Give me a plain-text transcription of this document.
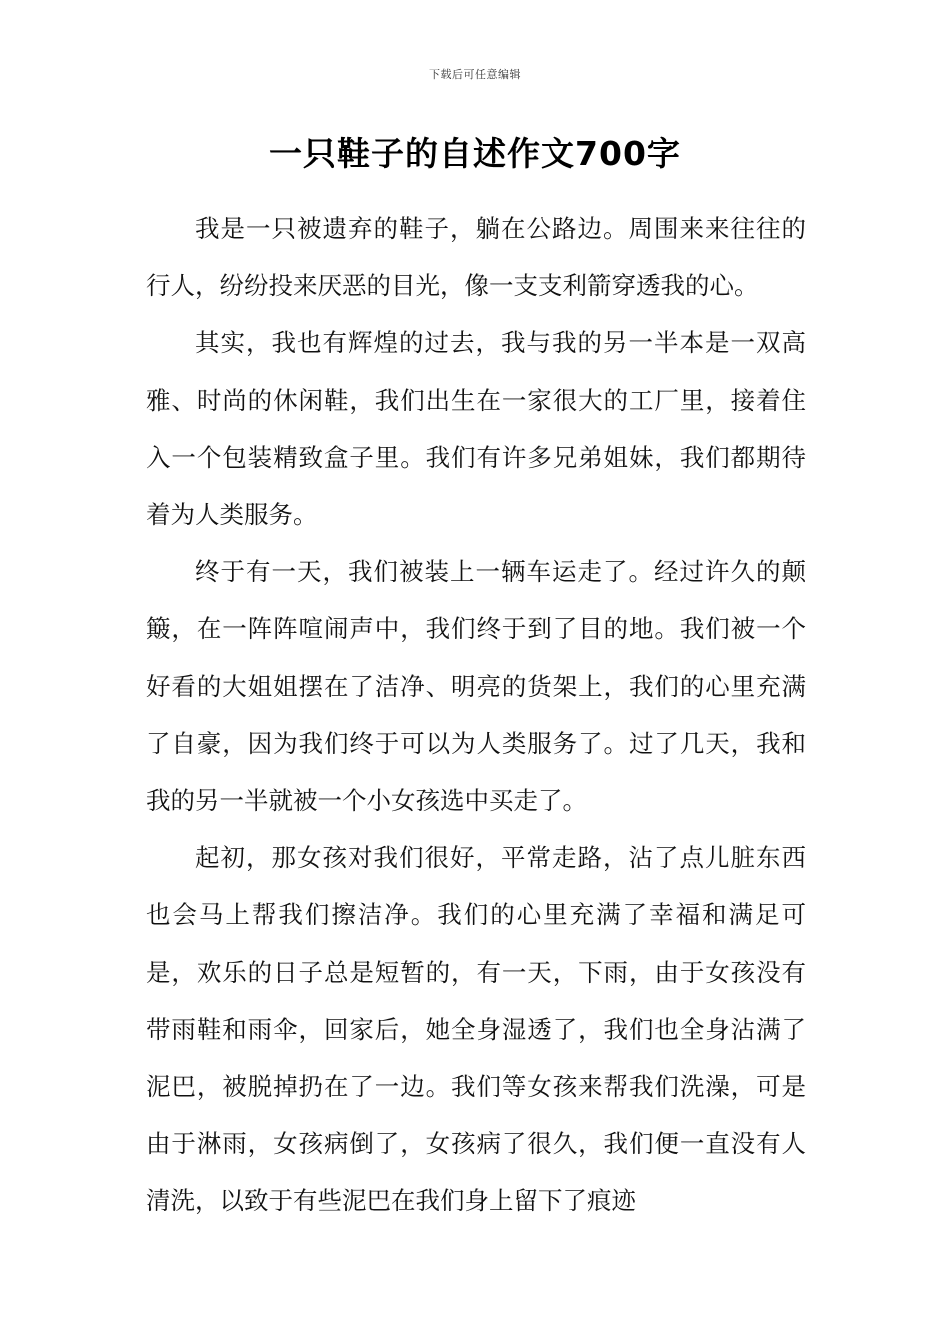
下载后可任意编辑
一只鞋子的自述作文700字

我是一只被遗弃的鞋子，躺在公路边。周围来来往往的行人，纷纷投来厌恶的目光，像一支支利箭穿透我的心。

其实，我也有辉煌的过去，我与我的另一半本是一双高雅、时尚的休闲鞋，我们出生在一家很大的工厂里，接着住入一个包装精致盒子里。我们有许多兄弟姐妹，我们都期待着为人类服务。

终于有一天，我们被装上一辆车运走了。经过许久的颠簸，在一阵阵喧闹声中，我们终于到了目的地。我们被一个好看的大姐姐摆在了洁净、明亮的货架上，我们的心里充满了自豪，因为我们终于可以为人类服务了。过了几天，我和我的另一半就被一个小女孩选中买走了。

起初，那女孩对我们很好，平常走路，沾了点儿脏东西也会马上帮我们擦洁净。我们的心里充满了幸福和满足可是，欢乐的日子总是短暂的，有一天，下雨，由于女孩没有带雨鞋和雨伞，回家后，她全身湿透了，我们也全身沾满了泥巴，被脱掉扔在了一边。我们等女孩来帮我们洗澡，可是由于淋雨，女孩病倒了，女孩病了很久，我们便一直没有人清洗，以致于有些泥巴在我们身上留下了痕迹
